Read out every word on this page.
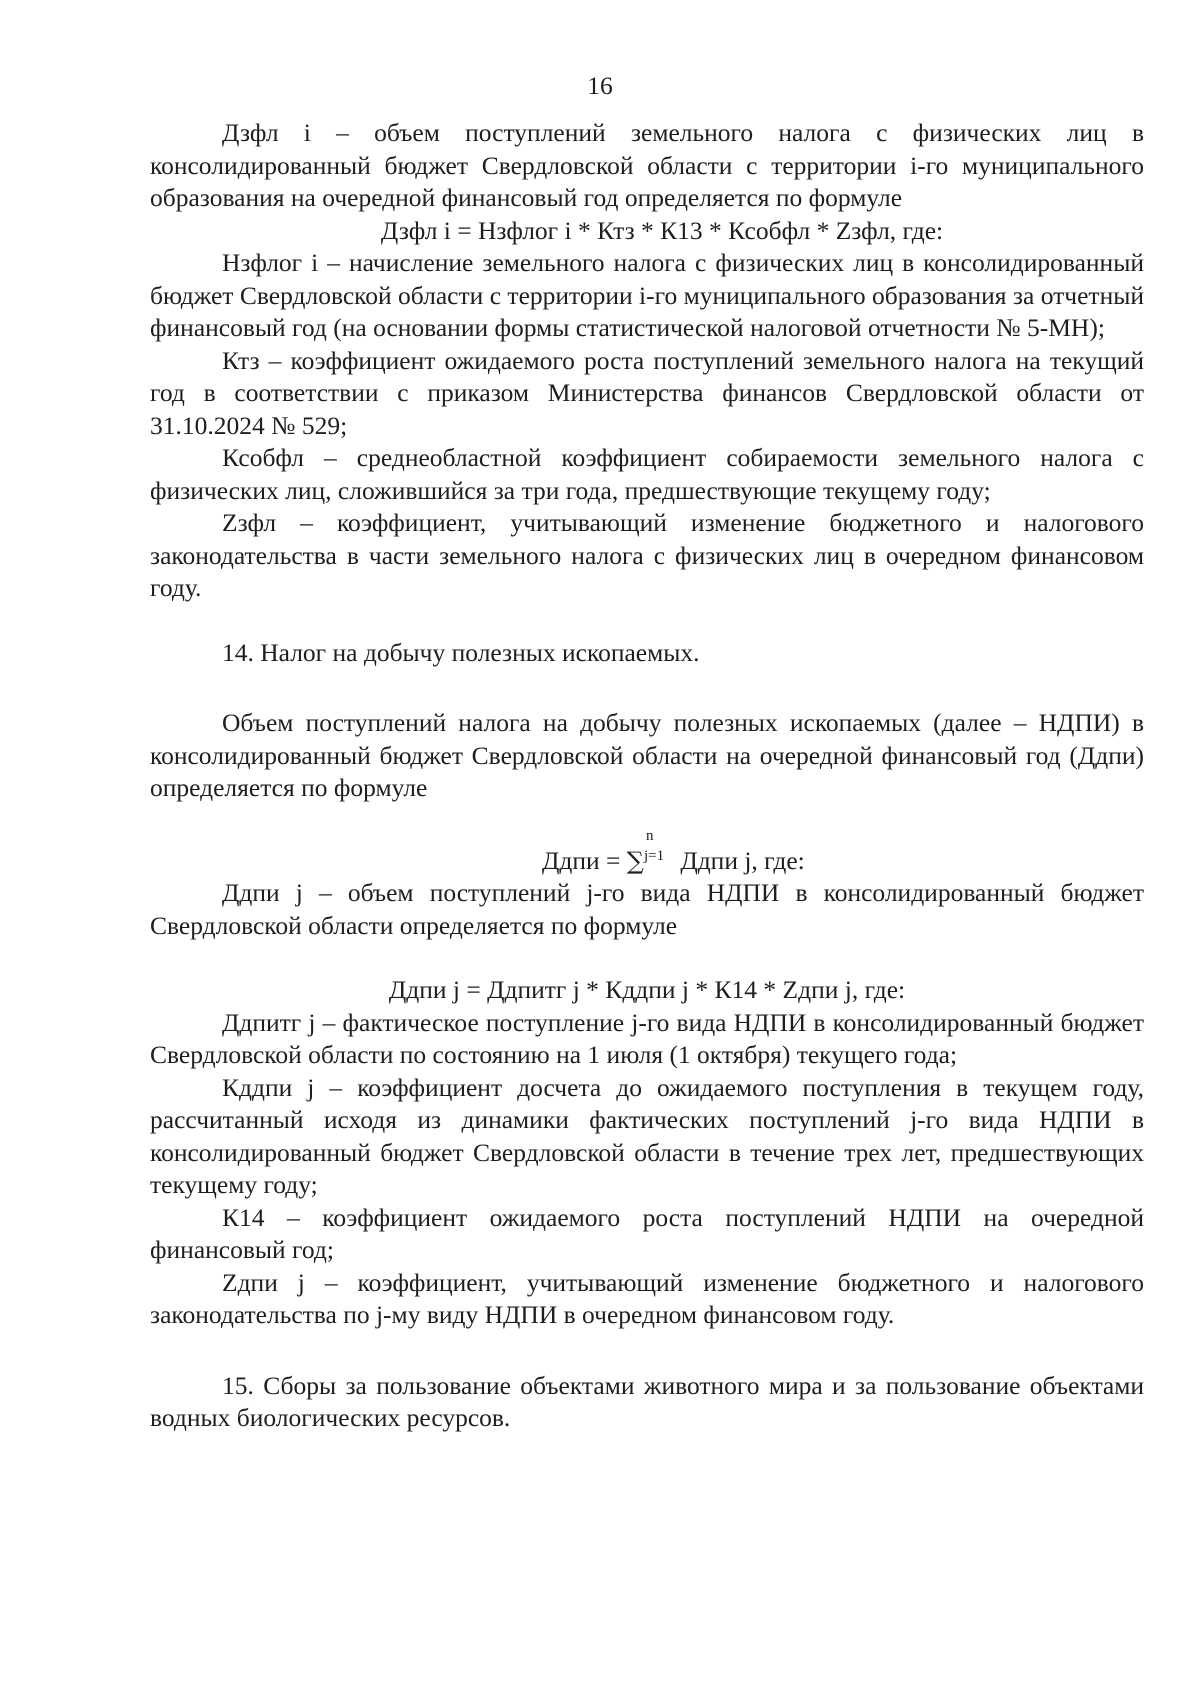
16

Дзфл i – объем поступлений земельного налога с физических лиц в консолидированный бюджет Свердловской области с территории i-го муниципального образования на очередной финансовый год определяется по формуле

Дзфл i = Нзфлог i * Ктз * К13 * Ксобфл * Zзфл, где:

Нзфлог i – начисление земельного налога с физических лиц в консолидированный бюджет Свердловской области с территории i-го муниципального образования за отчетный финансовый год (на основании формы статистической налоговой отчетности № 5-МН);

Ктз – коэффициент ожидаемого роста поступлений земельного налога на текущий год в соответствии с приказом Министерства финансов Свердловской области от 31.10.2024 № 529;

Ксобфл – среднеобластной коэффициент собираемости земельного налога с физических лиц, сложившийся за три года, предшествующие текущему году;

Zзфл – коэффициент, учитывающий изменение бюджетного и налогового законодательства в части земельного налога с физических лиц в очередном финансовом году.

14. Налог на добычу полезных ископаемых.

Объем поступлений налога на добычу полезных ископаемых (далее – НДПИ) в консолидированный бюджет Свердловской области на очередной финансовый год (Ддпи) определяется по формуле

Ддпи = ∑
n
j=1 Ддпи j, где:

Ддпи j – объем поступлений j-го вида НДПИ в консолидированный бюджет Свердловской области определяется по формуле

Ддпи j = Ддпитг j * Кддпи j * К14 * Zдпи j, где:

Ддпитг j – фактическое поступление j-го вида НДПИ в консолидированный бюджет Свердловской области по состоянию на 1 июля (1 октября) текущего года;

Кддпи j – коэффициент досчета до ожидаемого поступления в текущем году, рассчитанный исходя из динамики фактических поступлений j-го вида НДПИ в консолидированный бюджет Свердловской области в течение трех лет, предшествующих текущему году;

К14 – коэффициент ожидаемого роста поступлений НДПИ на очередной финансовый год;

Zдпи j – коэффициент, учитывающий изменение бюджетного и налогового законодательства по j-му виду НДПИ в очередном финансовом году.

15. Сборы за пользование объектами животного мира и за пользование объектами водных биологических ресурсов.
